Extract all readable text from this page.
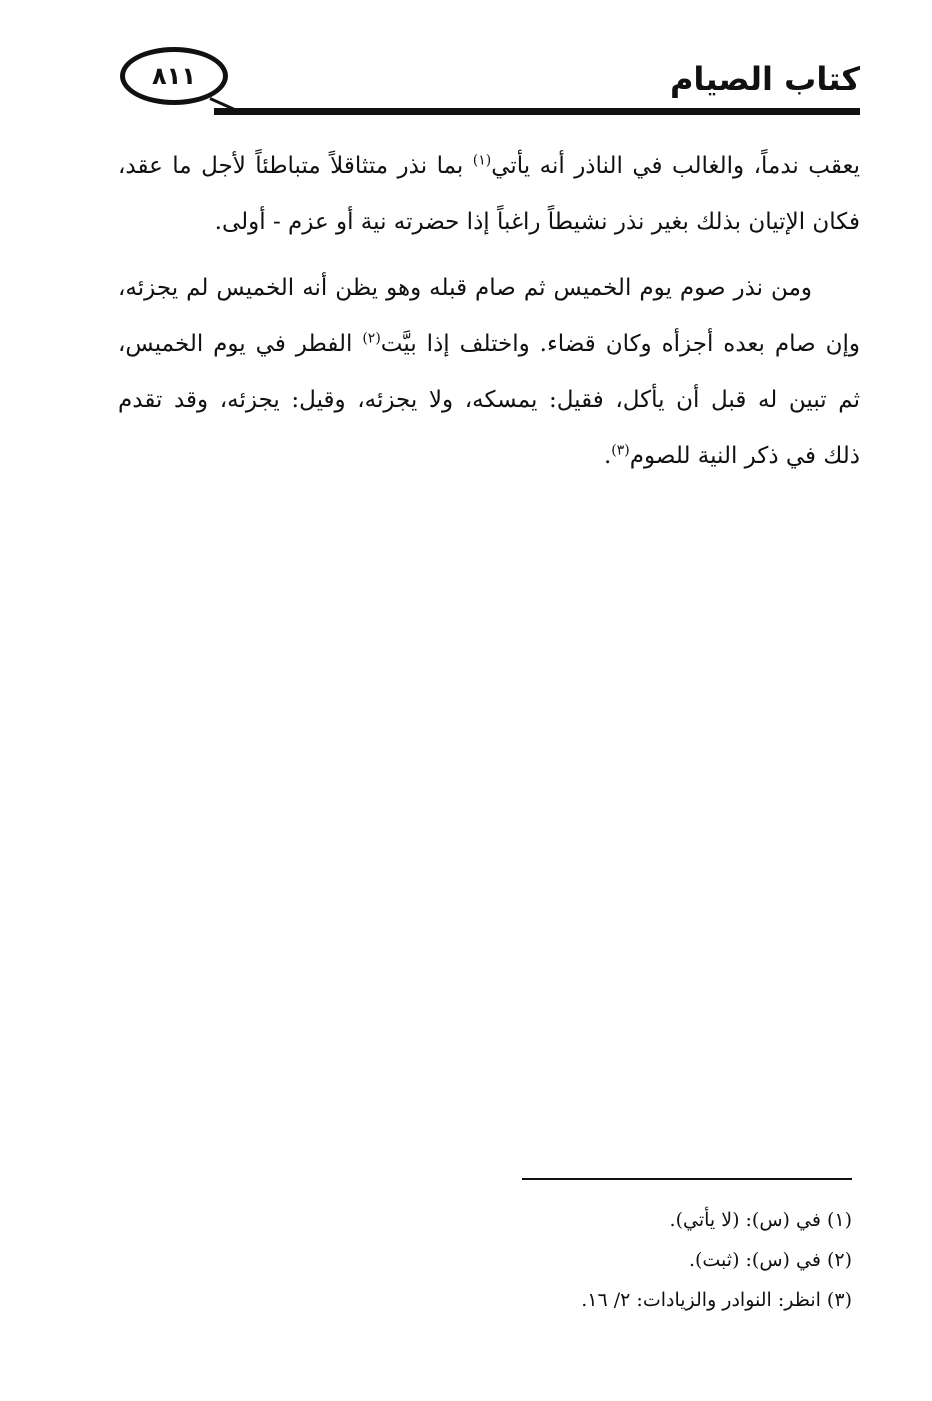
٨١١	كتاب الصيام
يعقب ندماً، والغالب في الناذر أنه يأتي$^{(١)}$ بما نذر متثاقلاً متباطئاً لأجل ما عقد،
فكان الإتيان بذلك بغير نذر نشيطاً راغباً إذا حضرته نية أو عزم - أولى.
ومن نذر صوم يوم الخميس ثم صام قبله وهو يظن أنه الخميس لم يجزئه،
وإن صام بعده أجزأه وكان قضاء. واختلف إذا بيَّت$^{(٢)}$ الفطر في يوم الخميس،
ثم تبين له قبل أن يأكل، فقيل: يمسكه، ولا يجزئه، وقيل: يجزئه، وقد تقدم
ذلك في ذكر النية للصوم$^{(٣)}$.
(١) في (س): (لا يأتي).
(٢) في (س): (ثبت).
(٣) انظر: النوادر والزيادات: ٢/ ١٦.
